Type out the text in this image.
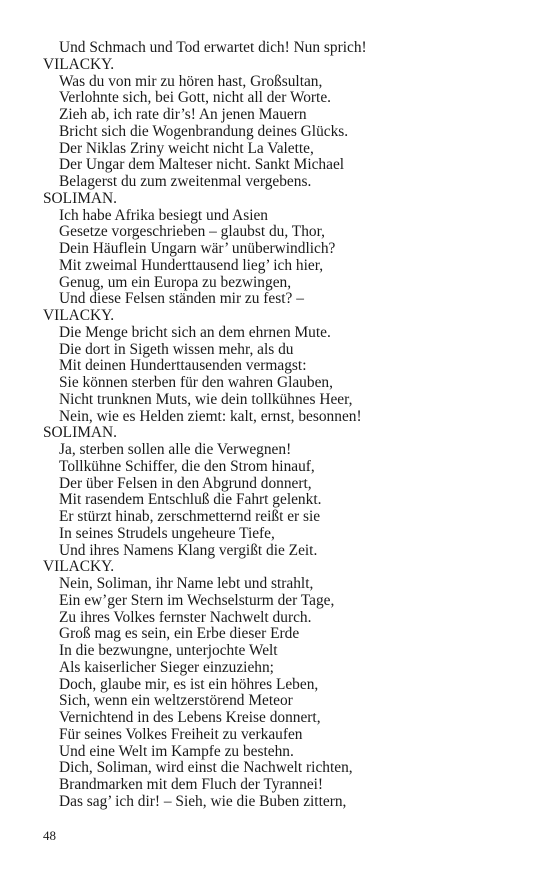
Und Schmach und Tod erwartet dich! Nun sprich!
VILACKY.
Was du von mir zu hören hast, Großsultan,
Verlohnte sich, bei Gott, nicht all der Worte.
Zieh ab, ich rate dir’s! An jenen Mauern
Bricht sich die Wogenbrandung deines Glücks.
Der Niklas Zriny weicht nicht La Valette,
Der Ungar dem Malteser nicht. Sankt Michael
Belagerst du zum zweitenmal vergebens.
SOLIMAN.
Ich habe Afrika besiegt und Asien
Gesetze vorgeschrieben – glaubst du, Thor,
Dein Häuflein Ungarn wär’ unüberwindlich?
Mit zweimal Hunderttausend lieg’ ich hier,
Genug, um ein Europa zu bezwingen,
Und diese Felsen ständen mir zu fest? –
VILACKY.
Die Menge bricht sich an dem ehrnen Mute.
Die dort in Sigeth wissen mehr, als du
Mit deinen Hunderttausenden vermagst:
Sie können sterben für den wahren Glauben,
Nicht trunknen Muts, wie dein tollkühnes Heer,
Nein, wie es Helden ziemt: kalt, ernst, besonnen!
SOLIMAN.
Ja, sterben sollen alle die Verwegnen!
Tollkühne Schiffer, die den Strom hinauf,
Der über Felsen in den Abgrund donnert,
Mit rasendem Entschluß die Fahrt gelenkt.
Er stürzt hinab, zerschmetternd reißt er sie
In seines Strudels ungeheure Tiefe,
Und ihres Namens Klang vergißt die Zeit.
VILACKY.
Nein, Soliman, ihr Name lebt und strahlt,
Ein ew’ger Stern im Wechselsturm der Tage,
Zu ihres Volkes fernster Nachwelt durch.
Groß mag es sein, ein Erbe dieser Erde
In die bezwungne, unterjochte Welt
Als kaiserlicher Sieger einzuziehn;
Doch, glaube mir, es ist ein höhres Leben,
Sich, wenn ein weltzerstörend Meteor
Vernichtend in des Lebens Kreise donnert,
Für seines Volkes Freiheit zu verkaufen
Und eine Welt im Kampfe zu bestehn.
Dich, Soliman, wird einst die Nachwelt richten,
Brandmarken mit dem Fluch der Tyrannei!
Das sag’ ich dir! – Sieh, wie die Buben zittern,
48
